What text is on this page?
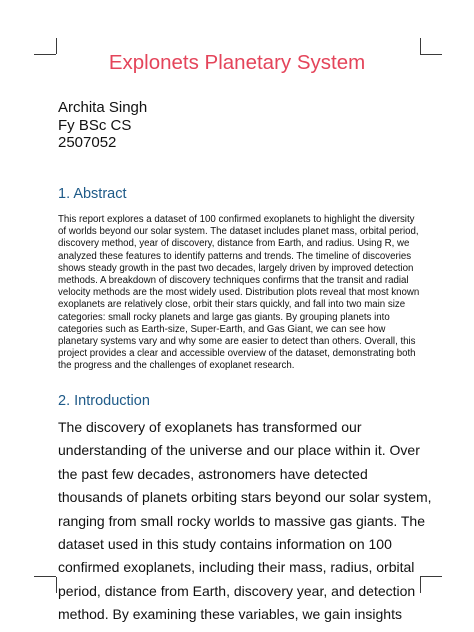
Explonets Planetary System
Archita Singh
Fy BSc CS
2507052
1. Abstract

This report explores a dataset of 100 confirmed exoplanets to highlight the diversity of worlds beyond our solar system. The dataset includes planet mass, orbital period, discovery method, year of discovery, distance from Earth, and radius. Using R, we analyzed these features to identify patterns and trends. The timeline of discoveries shows steady growth in the past two decades, largely driven by improved detection methods. A breakdown of discovery techniques confirms that the transit and radial velocity methods are the most widely used. Distribution plots reveal that most known exoplanets are relatively close, orbit their stars quickly, and fall into two main size categories: small rocky planets and large gas giants. By grouping planets into categories such as Earth-size, Super-Earth, and Gas Giant, we can see how planetary systems vary and why some are easier to detect than others. Overall, this project provides a clear and accessible overview of the dataset, demonstrating both the progress and the challenges of exoplanet research.

2. Introduction

The discovery of exoplanets has transformed our understanding of the universe and our place within it. Over the past few decades, astronomers have detected thousands of planets orbiting stars beyond our solar system, ranging from small rocky worlds to massive gas giants. The dataset used in this study contains information on 100 confirmed exoplanets, including their mass, radius, orbital period, distance from Earth, discovery year, and detection method. By examining these variables, we gain insights
